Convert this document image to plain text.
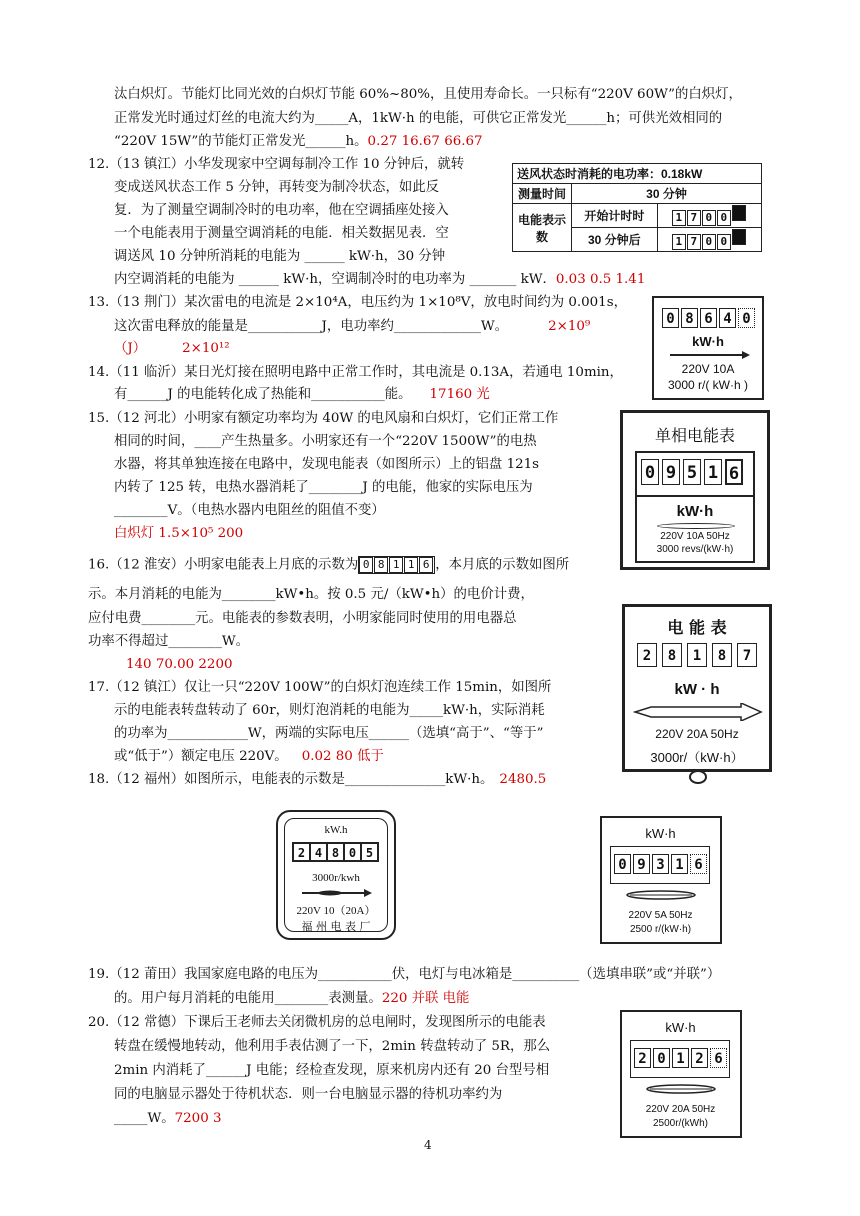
汰白炽灯。节能灯比同光效的白炽灯节能 60%~80%，且使用寿命长。一只标有“220V 60W”的白炽灯，
正常发光时通过灯丝的电流大约为_____A，1kW·h 的电能，可供它正常发光______h；可供光效相同的
“220V 15W”的节能灯正常发光______h。0.27 16.67 66.67
12.（13 镇江）小华发现家中空调每制冷工作 10 分钟后，就转
变成送风状态工作 5 分钟，再转变为制冷状态，如此反
复．为了测量空调制冷时的电功率，他在空调插座处接入
一个电能表用于测量空调消耗的电能．相关数据见表．空
调送风 10 分钟所消耗的电能为 ______ kW·h，30 分钟
内空调消耗的电能为 ______ kW·h，空调制冷时的电功率为 _______ kW．0.03 0.5 1.41
送风状态时消耗的电功率：0.18kW		
测量时间	30 分钟	
电能表示数	开始计时时	1 7 0 0
	30 分钟后	1 7 0 0
13.（13 荆门）某次雷电的电流是 2×10⁴A，电压约为 1×10⁸V，放电时间约为 0.001s，
这次雷电释放的能量是___________J，电功率约_____________W。	2×10⁹
（J）	2×10¹²
0 8 6 4 0
kW·h
220V 10A
3000 r/( kW·h )
14.（11 临沂）某日光灯接在照明电路中正常工作时，其电流是 0.13A，若通电 10min，
有______J 的电能转化成了热能和___________能。 17160 光
15.（12 河北）小明家有额定功率均为 40W 的电风扇和白炽灯，它们正常工作
相同的时间，____产生热量多。小明家还有一个“220V 1500W”的电热
水器，将其单独连接在电路中，发现电能表（如图所示）上的铝盘 121s
内转了 125 转，电热水器消耗了________J 的电能，他家的实际电压为
________V。（电热水器内电阻丝的阻值不变）
白炽灯 1.5×10⁵ 200
单相电能表
0 9 5 1 6
kW·h
220V 10A 50Hz
3000 revs/(kW·h)
16.（12 淮安）小明家电能表上月底的示数为 0 8 1 1 6 ，本月底的示数如图所
示。本月消耗的电能为________kW•h。按 0.5 元/（kW•h）的电价计费，
应付电费________元。电能表的参数表明，小明家能同时使用的用电器总
功率不得超过________W。
140 70.00 2200
电 能 表
2	8	1	8	7
kW · h
220V 20A 50Hz
3000r/（kW·h）
17.（12 镇江）仅让一只“220V 100W”的白炽灯泡连续工作 15min，如图所
示的电能表转盘转动了 60r，则灯泡消耗的电能为_____kW·h，实际消耗
的功率为____________W，两端的实际电压______（选填“高于”、“等于”
或“低于”）额定电压 220V。 0.02 80 低于
18.（12 福州）如图所示，电能表的示数是_______________kW·h。 2480.5
kW.h
2 4 8 0 5
3000r/kwh
220V 10（20A）
福 州 电 表 厂
kW·h
0 9 3 1 6
220V 5A 50Hz
2500 r/(kW·h)
19.（12 莆田）我国家庭电路的电压为___________伏，电灯与电冰箱是__________（选填串联”或“并联”）
的。用户每月消耗的电能用________表测量。220 并联 电能
20.（12 常德）下课后王老师去关闭微机房的总电闸时，发现图所示的电能表
转盘在缓慢地转动，他利用手表估测了一下，2min 转盘转动了 5R，那么
2min 内消耗了______J 电能；经检查发现，原来机房内还有 20 台型号相
同的电脑显示器处于待机状态．则一台电脑显示器的待机功率约为
_____W。7200 3
kW·h
2 0 1 2 6
220V 20A 50Hz
2500r/(kWh)
4
